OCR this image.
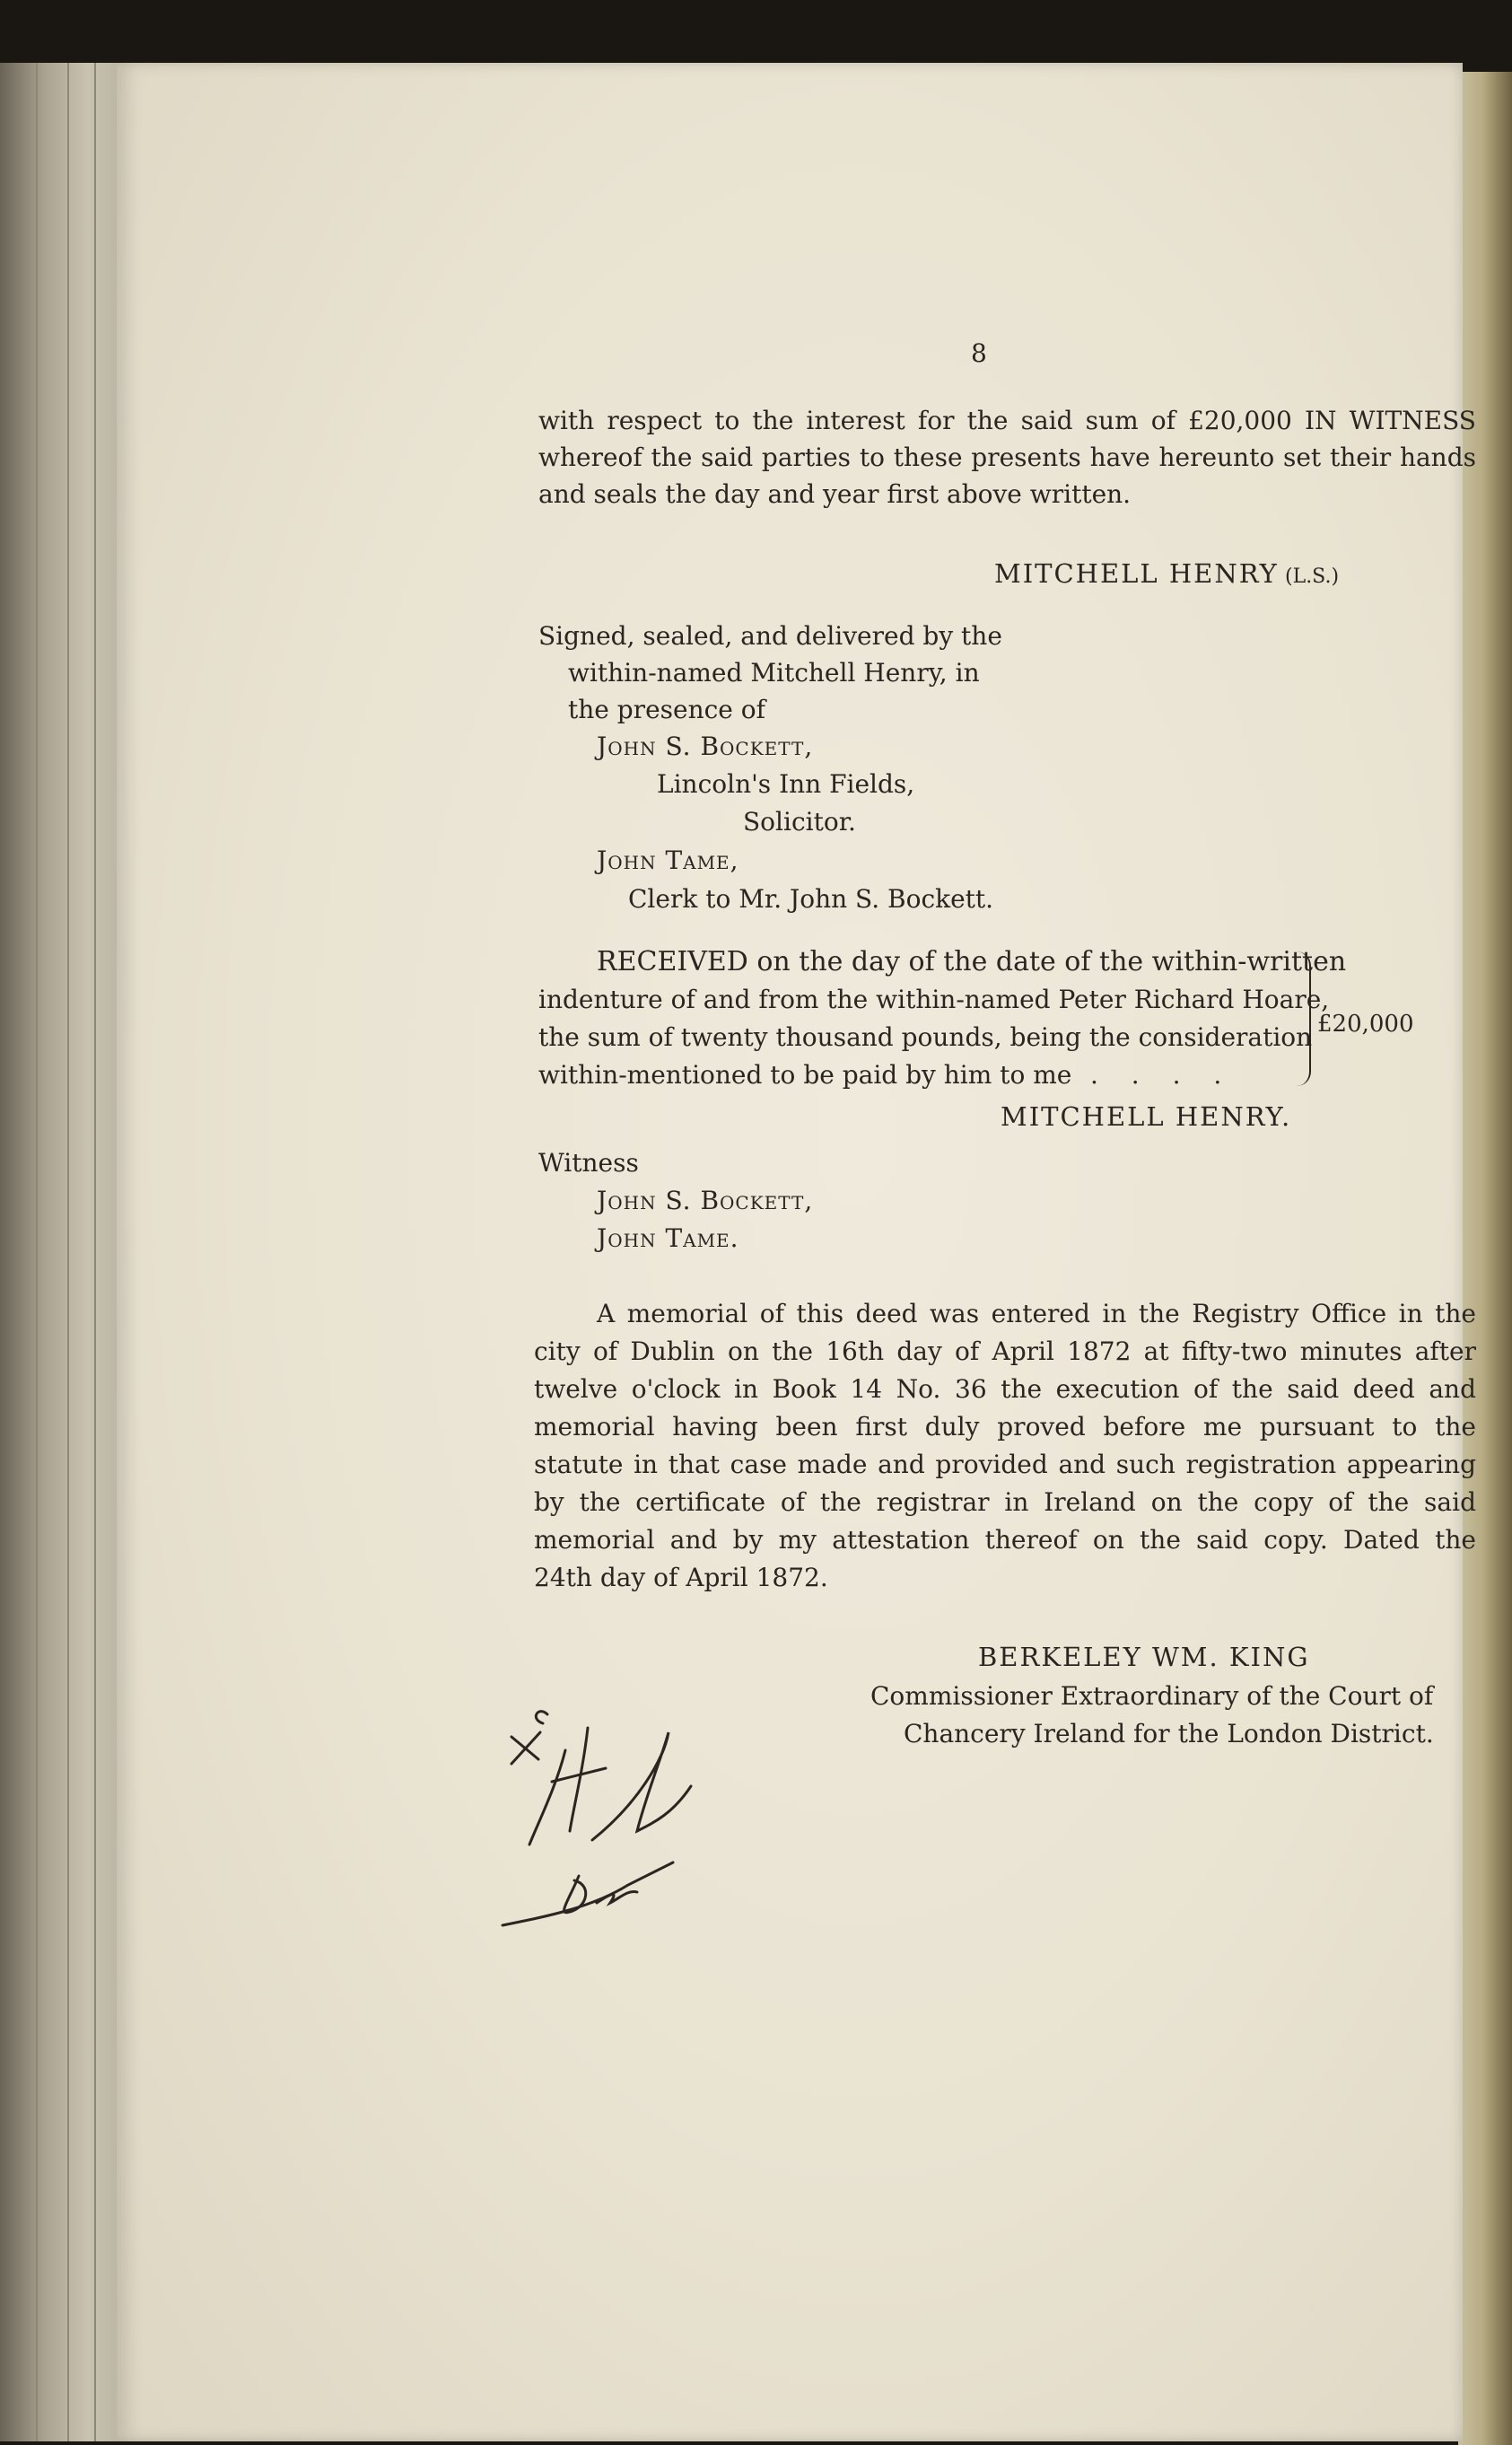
8
with respect to the interest for the said sum of £20,000 IN WITNESS
whereof the said parties to these presents have hereunto set their hands
and seals the day and year first above written.
MITCHELL HENRY (L.S.)
Signed, sealed, and delivered by the
within-named Mitchell Henry, in
the presence of
John S. Bockett,
Lincoln's Inn Fields,
Solicitor.
John Tame,
Clerk to Mr. John S. Bockett.
RECEIVED on the day of the date of the within-written
indenture of and from the within-named Peter Richard Hoare,
the sum of twenty thousand pounds, being the consideration
within-mentioned to be paid by him to me . . . .
£20,000
MITCHELL HENRY.
Witness
John S. Bockett,
John Tame.
A memorial of this deed was entered in the Registry Office in the
city of Dublin on the 16th day of April 1872 at fifty-two minutes after
twelve o'clock in Book 14 No. 36 the execution of the said deed and
memorial having been first duly proved before me pursuant to the
statute in that case made and provided and such registration appearing
by the certificate of the registrar in Ireland on the copy of the said
memorial and by my attestation thereof on the said copy. Dated the
24th day of April 1872.
BERKELEY WM. KING
Commissioner Extraordinary of the Court of
Chancery Ireland for the London District.
